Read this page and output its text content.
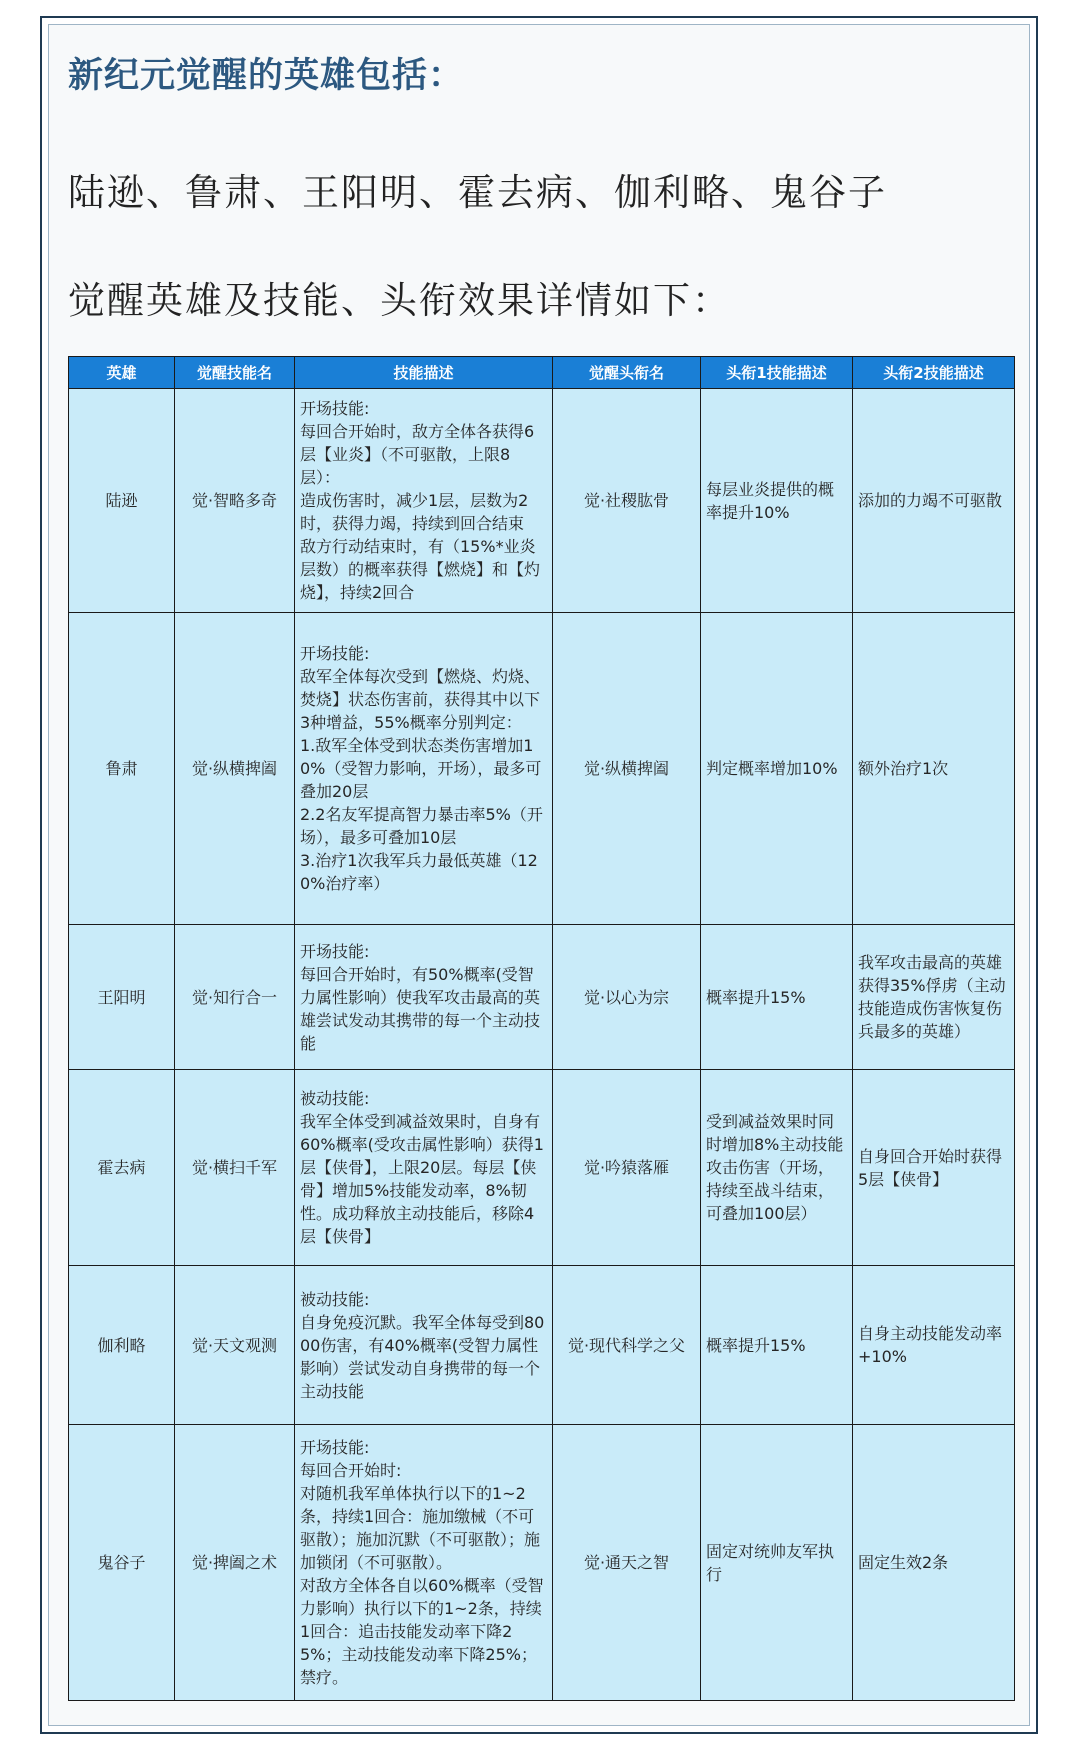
新纪元觉醒的英雄包括：

陆逊、鲁肃、王阳明、霍去病、伽利略、鬼谷子

觉醒英雄及技能、头衔效果详情如下：

英雄	觉醒技能名	技能描述	觉醒头衔名	头衔1技能描述	头衔2技能描述
陆逊	觉·智略多奇	开场技能:
每回合开始时，敌方全体各获得6层【业炎】（不可驱散，上限8层）：
造成伤害时，减少1层，层数为2时，获得力竭，持续到回合结束
敌方行动结束时，有（15%*业炎层数）的概率获得【燃烧】和【灼烧】，持续2回合	觉·社稷肱骨	每层业炎提供的概率提升10%	添加的力竭不可驱散
鲁肃	觉·纵横捭阖	开场技能:
敌军全体每次受到【燃烧、灼烧、焚烧】状态伤害前，获得其中以下3种增益，55%概率分别判定：
1.敌军全体受到状态类伤害增加10%（受智力影响，开场），最多可叠加20层
2.2名友军提高智力暴击率5%（开场），最多可叠加10层
3.治疗1次我军兵力最低英雄（120%治疗率）	觉·纵横捭阖	判定概率增加10%	额外治疗1次
王阳明	觉·知行合一	开场技能:
每回合开始时，有50%概率(受智力属性影响）使我军攻击最高的英雄尝试发动其携带的每一个主动技能	觉·以心为宗	概率提升15%	我军攻击最高的英雄获得35%俘虏（主动技能造成伤害恢复伤兵最多的英雄）
霍去病	觉·横扫千军	被动技能:
我军全体受到减益效果时，自身有60%概率(受攻击属性影响）获得1层【侠骨】，上限20层。每层【侠骨】增加5%技能发动率，8%韧性。成功释放主动技能后，移除4层【侠骨】	觉·吟猿落雁	受到减益效果时同时增加8%主动技能攻击伤害（开场，持续至战斗结束，可叠加100层）	自身回合开始时获得5层【侠骨】
伽利略	觉·天文观测	被动技能:
自身免疫沉默。我军全体每受到8000伤害，有40%概率(受智力属性影响）尝试发动自身携带的每一个主动技能	觉·现代科学之父	概率提升15%	自身主动技能发动率+10%
鬼谷子	觉·捭阖之术	开场技能:
每回合开始时:
对随机我军单体执行以下的1~2条，持续1回合：施加缴械（不可驱散）；施加沉默（不可驱散）；施加锁闭（不可驱散）。
对敌方全体各自以60%概率（受智力影响）执行以下的1~2条，持续1回合：追击技能发动率下降25%；主动技能发动率下降25%；禁疗。	觉·通天之智	固定对统帅友军执行	固定生效2条
